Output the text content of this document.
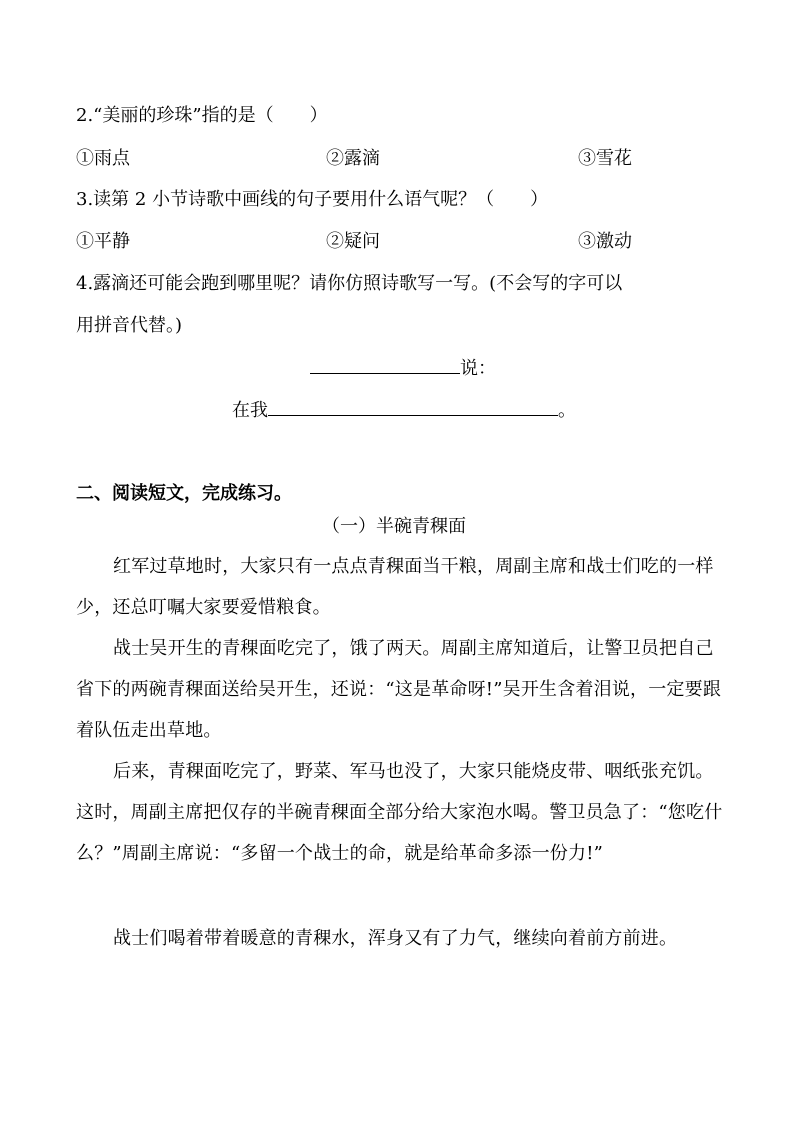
2.“美丽的珍珠”指的是（　　）
①雨点	②露滴	③雪花
3.读第 2 小节诗歌中画线的句子要用什么语气呢？（　　）
①平静	②疑问	③激动
4.露滴还可能会跑到哪里呢？请你仿照诗歌写一写。(不会写的字可以
用拼音代替。)
说：
在我	。
二、阅读短文，完成练习。
（一）半碗青稞面
红军过草地时，大家只有一点点青稞面当干粮，周副主席和战士们吃的一样少，还总叮嘱大家要爱惜粮食。
战士吴开生的青稞面吃完了，饿了两天。周副主席知道后，让警卫员把自己省下的两碗青稞面送给吴开生，还说：“这是革命呀!”吴开生含着泪说，一定要跟着队伍走出草地。
后来，青稞面吃完了，野菜、军马也没了，大家只能烧皮带、咽纸张充饥。这时，周副主席把仅存的半碗青稞面全部分给大家泡水喝。警卫员急了：“您吃什么？”周副主席说：“多留一个战士的命，就是给革命多添一份力!”
战士们喝着带着暖意的青稞水，浑身又有了力气，继续向着前方前进。
